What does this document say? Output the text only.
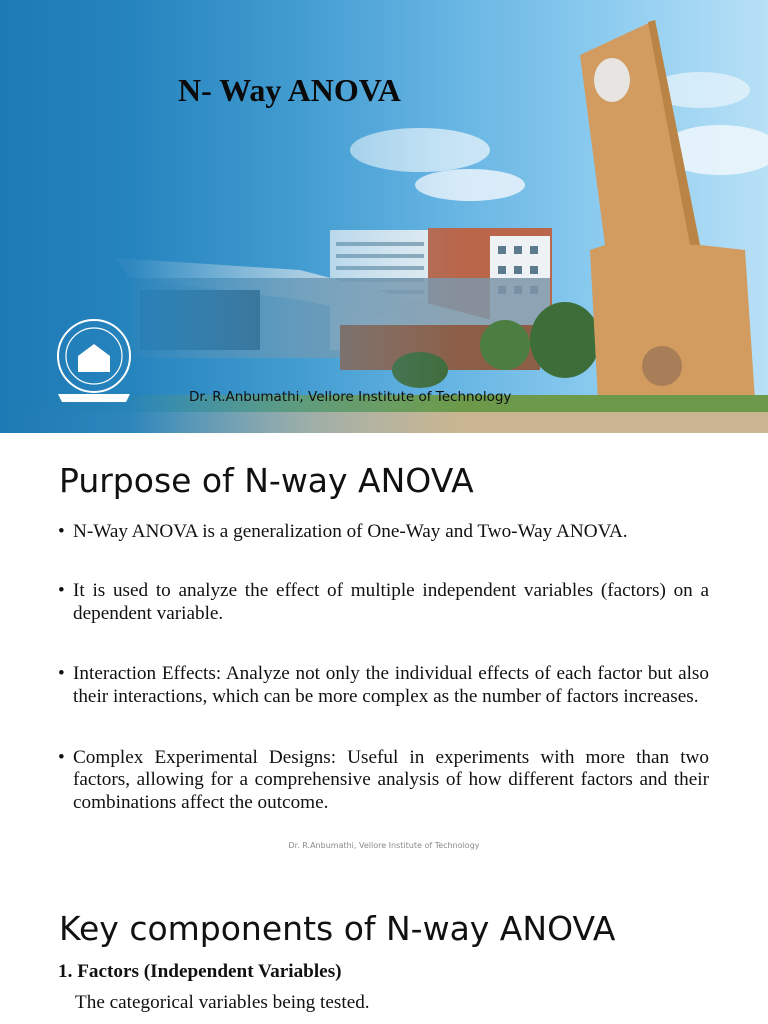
N- Way ANOVA
Dr. R.Anbumathi, Vellore Institute of Technology
Purpose of N-way ANOVA
• N-Way ANOVA is a generalization of One-Way and Two-Way ANOVA.
• It is used to analyze the effect of multiple independent variables (factors) on a dependent variable.
• Interaction Effects: Analyze not only the individual effects of each factor but also their interactions, which can be more complex as the number of factors increases.
• Complex Experimental Designs: Useful in experiments with more than two factors, allowing for a comprehensive analysis of how different factors and their combinations affect the outcome.
Dr. R.Anbumathi, Vellore Institute of Technology
Key components of N-way ANOVA
1. Factors (Independent Variables)
The categorical variables being tested.
